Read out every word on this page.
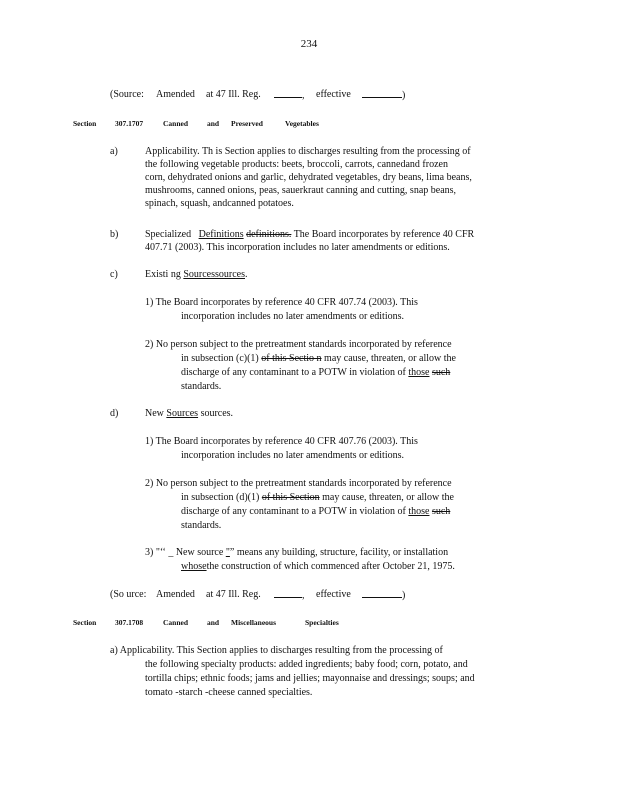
234
(Source: Amended at 47 Ill. Reg.	, effective	)
Section 307.1707	Canned	and Preserved	Vegetables
a)	Applicability. Th is Section applies to discharges resulting from the processing of
the following vegetable products: beets, broccoli, carrots, cannedand frozen
corn, dehydrated onions and garlic, dehydrated vegetables, dry beans, lima beans,
mushrooms, canned onions, peas, sauerkraut canning and cutting, snap beans,
spinach, squash, andcanned potatoes.
b)	Specialized Definitions definitions. The Board incorporates by reference 40 CFR
407.71 (2003). This incorporation includes no later amendments or editions.
c)	Existi ng Sourcessources.
1) The Board incorporates by reference 40 CFR 407.74 (2003). This
incorporation includes no later amendments or editions.
2) No person subject to the pretreatment standards incorporated by reference
in subsection (c)(1) of this Sectio n may cause, threaten, or allow the
discharge of any contaminant to a POTW in violation of those such
standards.
d)	New Sources sources.
1) The Board incorporates by reference 40 CFR 407.76 (2003). This
incorporation includes no later amendments or editions.
2) No person subject to the pretreatment standards incorporated by reference
in subsection (d)(1) of this Section may cause, threaten, or allow the
discharge of any contaminant to a POTW in violation of those such
standards.
3) "‘‘ _ New source "” means any building, structure, facility, or installation
whosethe construction of which commenced after October 21, 1975.
(So urce: Amended at 47 Ill. Reg.	, effective	)
Section 307.1708	Canned	and Miscellaneous	Specialties
a) Applicability. This Section applies to discharges resulting from the processing of
the following specialty products: added ingredients; baby food; corn, potato, and
tortilla chips; ethnic foods; jams and jellies; mayonnaise and dressings; soups; and
tomato -starch -cheese canned specialties.
